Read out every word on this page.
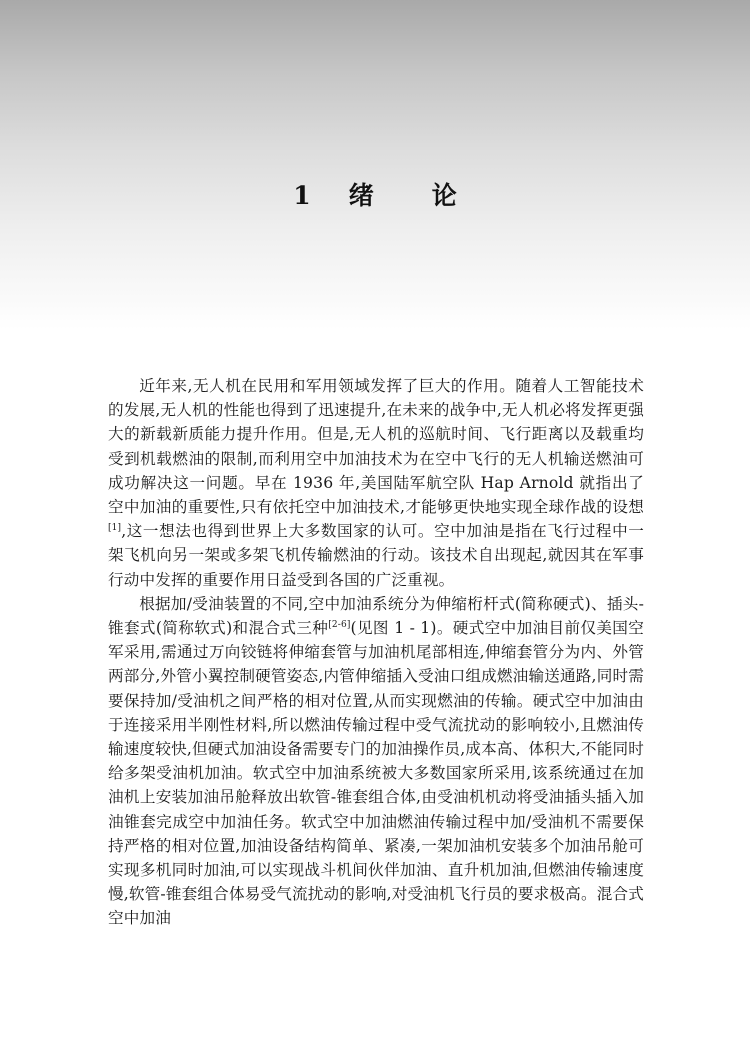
1 绪 论

近年来,无人机在民用和军用领域发挥了巨大的作用。随着人工智能技术的发展,无人机的性能也得到了迅速提升,在未来的战争中,无人机必将发挥更强大的新载新质能力提升作用。但是,无人机的巡航时间、飞行距离以及载重均受到机载燃油的限制,而利用空中加油技术为在空中飞行的无人机输送燃油可成功解决这一问题。早在 1936 年,美国陆军航空队 Hap Arnold 就指出了空中加油的重要性,只有依托空中加油技术,才能够更快地实现全球作战的设想[1],这一想法也得到世界上大多数国家的认可。空中加油是指在飞行过程中一架飞机向另一架或多架飞机传输燃油的行动。该技术自出现起,就因其在军事行动中发挥的重要作用日益受到各国的广泛重视。

根据加/受油装置的不同,空中加油系统分为伸缩桁杆式(简称硬式)、插头-锥套式(简称软式)和混合式三种[2-6](见图 1 - 1)。硬式空中加油目前仅美国空军采用,需通过万向铰链将伸缩套管与加油机尾部相连,伸缩套管分为内、外管两部分,外管小翼控制硬管姿态,内管伸缩插入受油口组成燃油输送通路,同时需要保持加/受油机之间严格的相对位置,从而实现燃油的传输。硬式空中加油由于连接采用半刚性材料,所以燃油传输过程中受气流扰动的影响较小,且燃油传输速度较快,但硬式加油设备需要专门的加油操作员,成本高、体积大,不能同时给多架受油机加油。软式空中加油系统被大多数国家所采用,该系统通过在加油机上安装加油吊舱释放出软管-锥套组合体,由受油机机动将受油插头插入加油锥套完成空中加油任务。软式空中加油燃油传输过程中加/受油机不需要保持严格的相对位置,加油设备结构简单、紧凑,一架加油机安装多个加油吊舱可实现多机同时加油,可以实现战斗机间伙伴加油、直升机加油,但燃油传输速度慢,软管-锥套组合体易受气流扰动的影响,对受油机飞行员的要求极高。混合式空中加油
